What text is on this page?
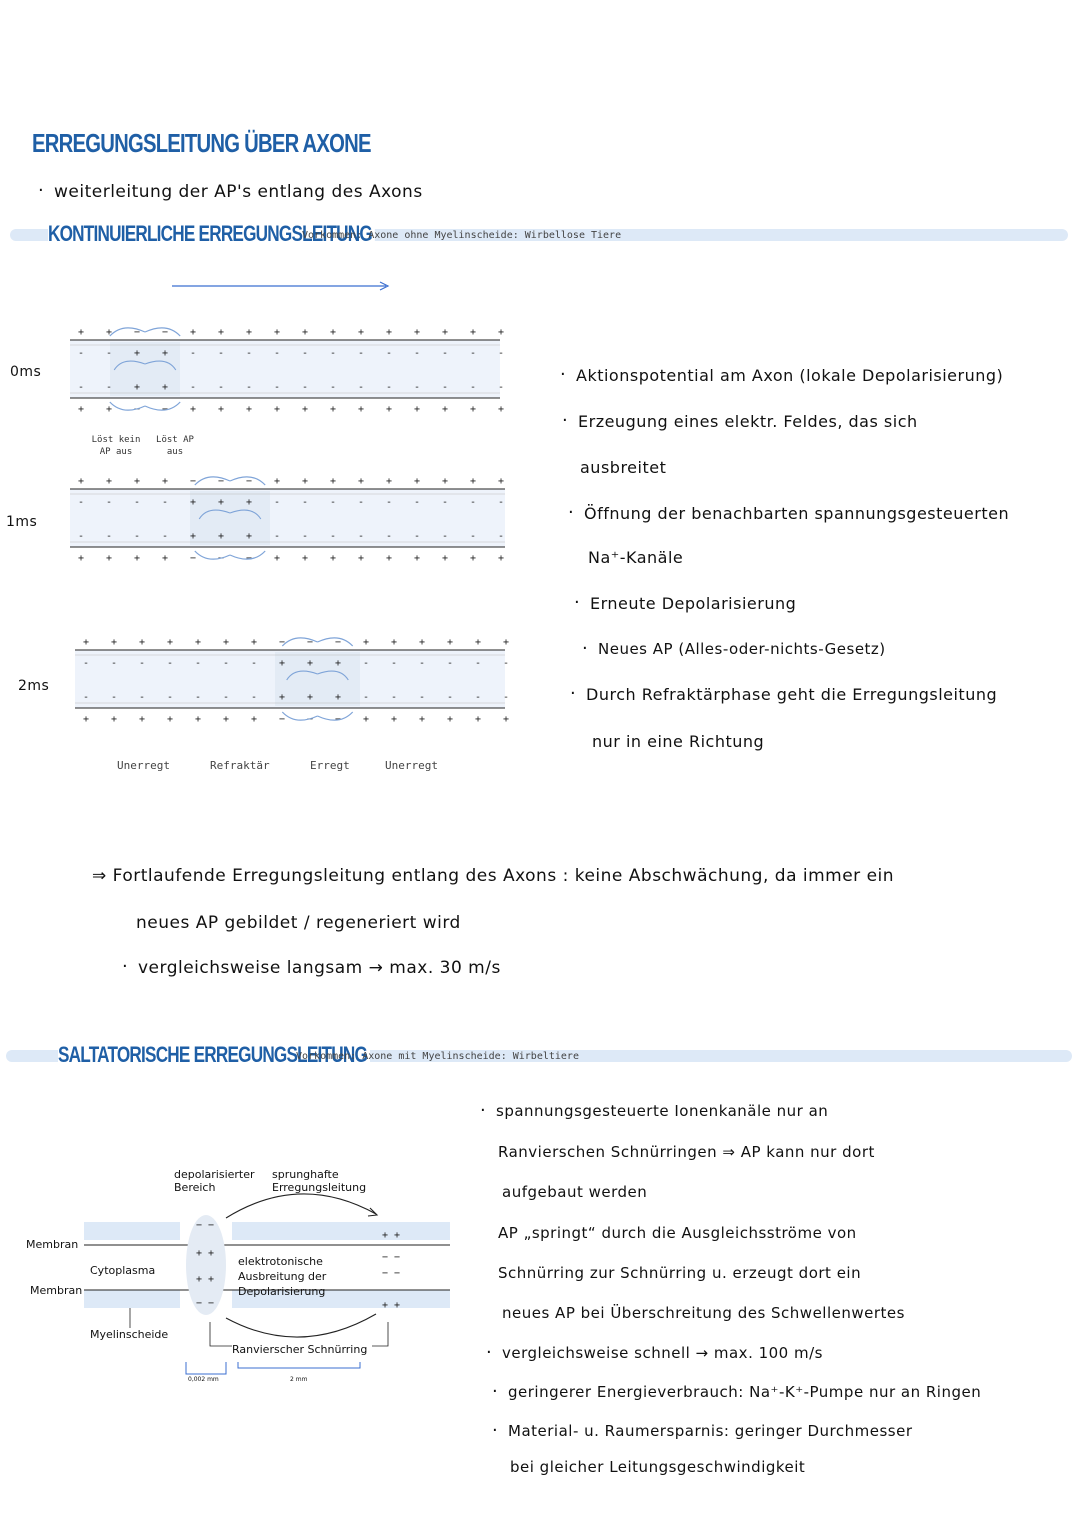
ERREGUNGSLEITUNG ÜBER AXONE
· weiterleitung der AP's entlang des Axons
KONTINUIERLICHE ERREGUNGSLEITUNG
Vorkommen: Axone ohne Myelinscheide: Wirbellose Tiere
+
-
-
+
+
-
-
+
−
+
+
−
−
+
+
−
+
-
-
+
+
-
-
+
+
-
-
+
+
-
-
+
+
-
-
+
+
-
-
+
+
-
-
+
+
-
-
+
+
-
-
+
+
-
-
+
+
-
-
+
+
-
-
+
+
-
-
+
+
-
-
+
+
-
-
+
+
-
-
+
−
+
+
−
−
+
+
−
−
+
+
−
+
-
-
+
+
-
-
+
+
-
-
+
+
-
-
+
+
-
-
+
+
-
-
+
+
-
-
+
+
-
-
+
+
-
-
+
+
-
-
+
+
-
-
+
+
-
-
+
+
-
-
+
+
-
-
+
+
-
-
+
+
-
-
+
−
+
+
−
−
+
+
−
−
+
+
−
+
-
-
+
+
-
-
+
+
-
-
+
+
-
-
+
+
-
-
+
+
-
-
+
0ms
1ms
2ms
Löst kein AP aus
Löst AP aus
Unerregt	Refraktär	Erregt	Unerregt
· Aktionspotential am Axon (lokale Depolarisierung)
· Erzeugung eines elektr. Feldes, das sich
ausbreitet
· Öffnung der benachbarten spannungsgesteuerten
Na⁺-Kanäle
· Erneute Depolarisierung
· Neues AP (Alles-oder-nichts-Gesetz)
· Durch Refraktärphase geht die Erregungsleitung
nur in eine Richtung
⇒ Fortlaufende Erregungsleitung entlang des Axons : keine Abschwächung, da immer ein
neues AP gebildet / regeneriert wird
· vergleichsweise langsam → max. 30 m/s
SALTATORISCHE ERREGUNGSLEITUNG
Vorkommen: Axone mit Myelinscheide: Wirbeltiere
− −
+ +
+ +
− −
+ +
− −
− −
+ +
depolarisierter Bereich
sprunghafte Erregungsleitung
Membran
Membran
Cytoplasma
elektrotonische Ausbreitung der Depolarisierung
Myelinscheide
Ranvierscher Schnürring
0,002 mm	2 mm
· spannungsgesteuerte Ionenkanäle nur an
Ranvierschen Schnürringen ⇒ AP kann nur dort
aufgebaut werden
AP „springt“ durch die Ausgleichsströme von
Schnürring zur Schnürring u. erzeugt dort ein
neues AP bei Überschreitung des Schwellenwertes
· vergleichsweise schnell → max. 100 m/s
· geringerer Energieverbrauch: Na⁺-K⁺-Pumpe nur an Ringen
· Material- u. Raumersparnis: geringer Durchmesser
bei gleicher Leitungsgeschwindigkeit
